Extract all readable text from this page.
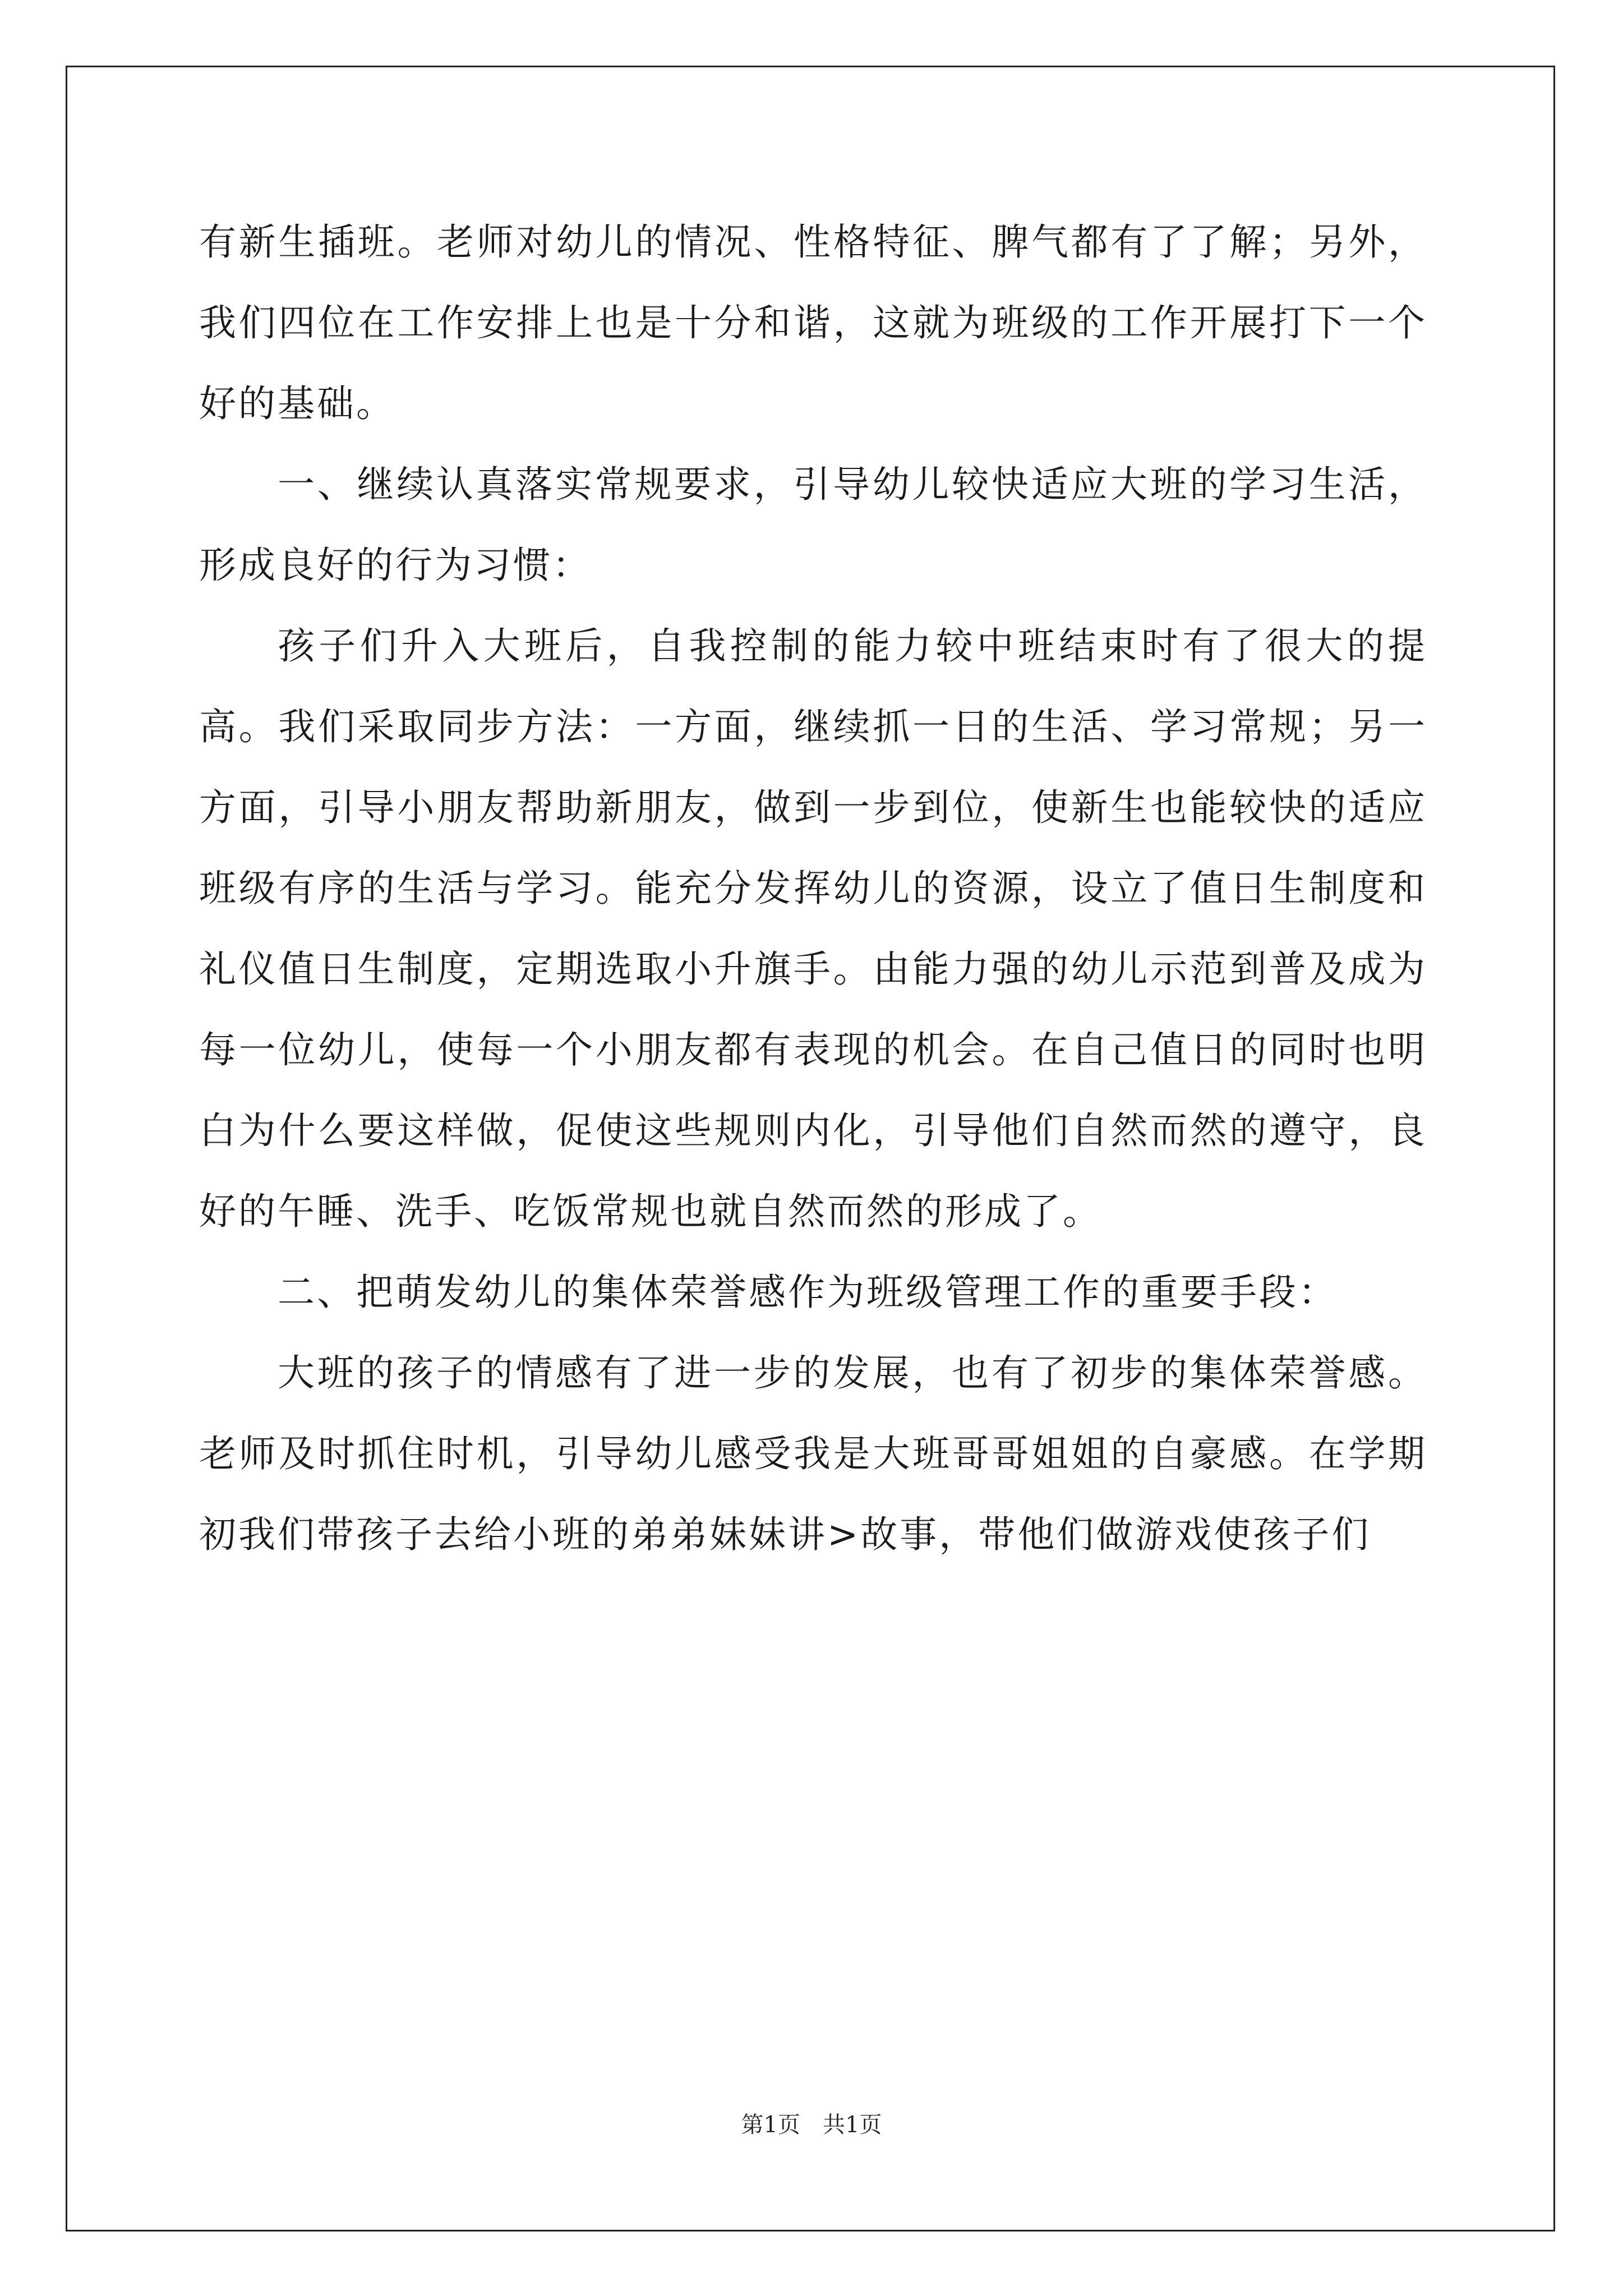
有新生插班。老师对幼儿的情况、性格特征、脾气都有了了解；另外，我们四位在工作安排上也是十分和谐，这就为班级的工作开展打下一个好的基础。

一、继续认真落实常规要求，引导幼儿较快适应大班的学习生活，形成良好的行为习惯：

孩子们升入大班后，自我控制的能力较中班结束时有了很大的提高。我们采取同步方法：一方面，继续抓一日的生活、学习常规；另一方面，引导小朋友帮助新朋友，做到一步到位，使新生也能较快的适应班级有序的生活与学习。能充分发挥幼儿的资源，设立了值日生制度和礼仪值日生制度，定期选取小升旗手。由能力强的幼儿示范到普及成为每一位幼儿，使每一个小朋友都有表现的机会。在自己值日的同时也明白为什么要这样做，促使这些规则内化，引导他们自然而然的遵守，良好的午睡、洗手、吃饭常规也就自然而然的形成了。

二、把萌发幼儿的集体荣誉感作为班级管理工作的重要手段：

大班的孩子的情感有了进一步的发展，也有了初步的集体荣誉感。老师及时抓住时机，引导幼儿感受我是大班哥哥姐姐的自豪感。在学期初我们带孩子去给小班的弟弟妹妹讲>故事，带他们做游戏使孩子们

第1页 共1页
